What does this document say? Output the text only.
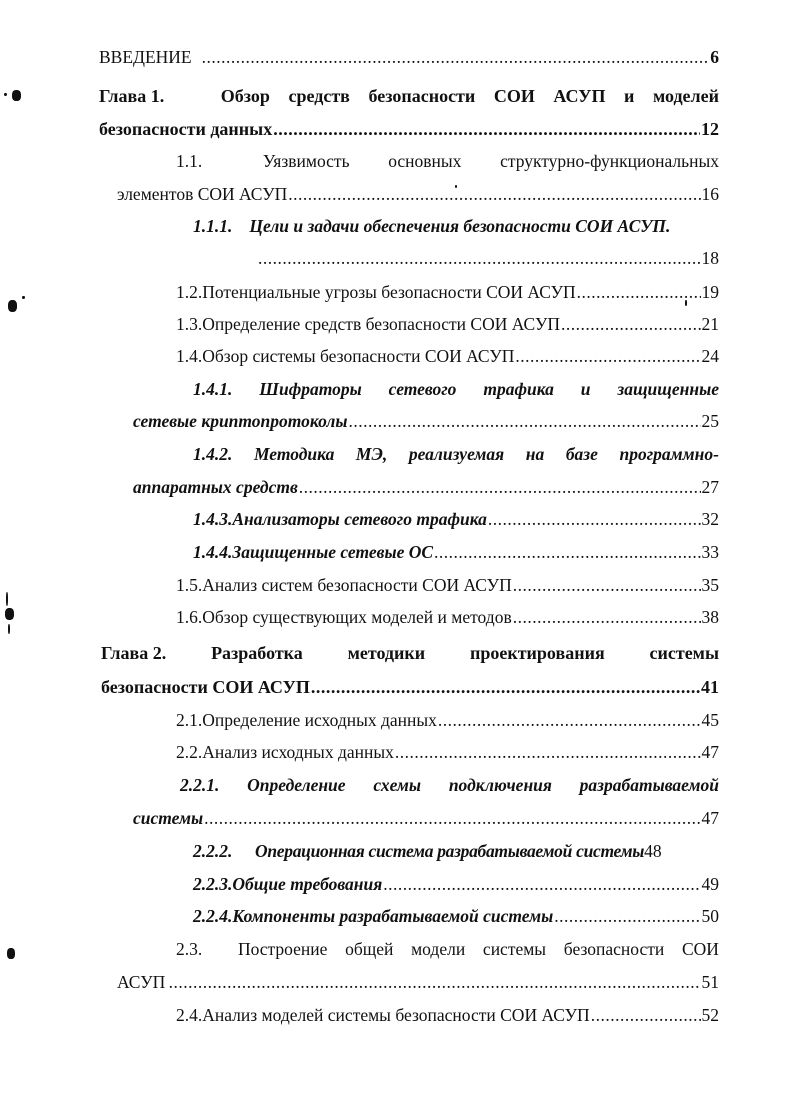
ВВЕДЕНИЕ .....	6
Глава 1.	Обзор средств безопасности СОИ АСУП и моделей
безопасности данных .....	12
1.1.	Уязвимость основных структурно-функциональных
элементов СОИ АСУП .....	16
1.1.1. Цели и задачи обеспечения безопасности СОИ АСУП.
.....
18
1.2. Потенциальные угрозы безопасности СОИ АСУП .....	19
1.3. Определение средств безопасности СОИ АСУП .....	21
1.4. Обзор системы безопасности СОИ АСУП .....	24
1.4.1. Шифраторы сетевого трафика и защищенные
сетевые криптопротоколы .....	25
1.4.2. Методика МЭ, реализуемая на базе программно-
аппаратных средств .....	27
1.4.3. Анализаторы сетевого трафика .....	32
1.4.4. Защищенные сетевые ОС .....	33
1.5. Анализ систем безопасности СОИ АСУП .....	35
1.6. Обзор существующих моделей и методов .....	38
Глава 2. Разработка методики проектирования системы
безопасности СОИ АСУП .....	41
2.1. Определение исходных данных .....	45
2.2. Анализ исходных данных .....	47
2.2.1. Определение схемы подключения разрабатываемой
системы .....	47
2.2.2.	Операционная система разрабатываемой системы 48
2.2.3. Общие требования .....	49
2.2.4. Компоненты разрабатываемой системы .....	50
2.3. Построение общей модели системы безопасности СОИ
АСУП .....	51
2.4. Анализ моделей системы безопасности СОИ АСУП .....	52
